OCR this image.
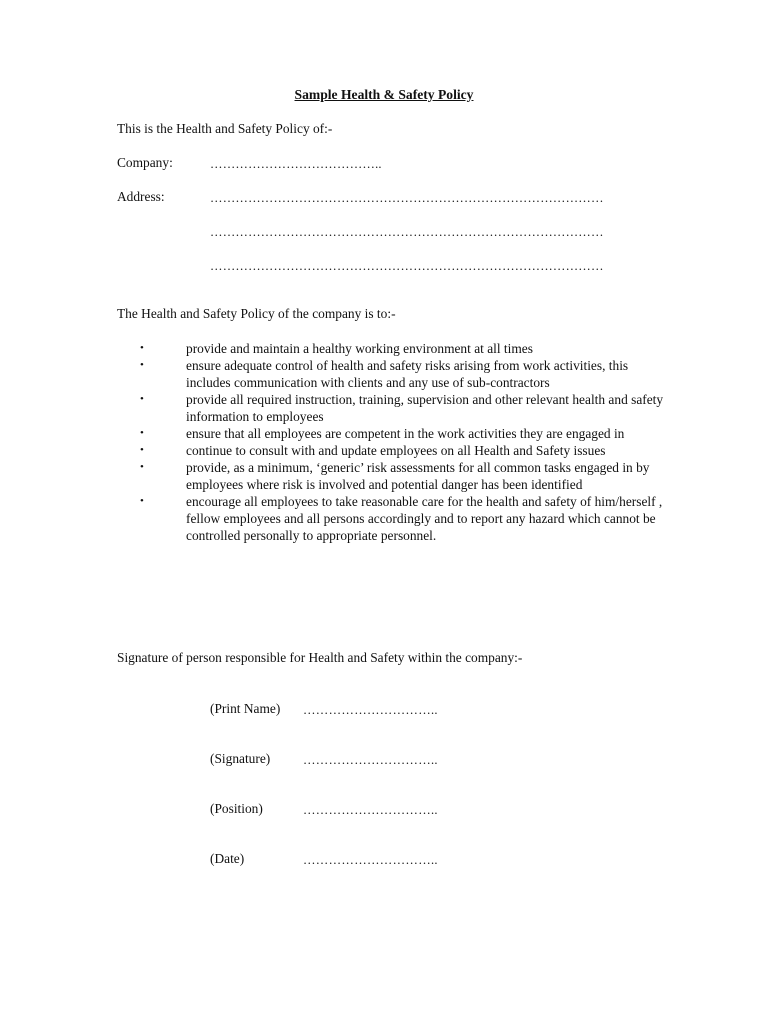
Sample Health & Safety Policy
This is the Health and Safety Policy of:-
Company:	…………………………………..
Address:	…………………………………………………………………………………
…………………………………………………………………………………
…………………………………………………………………………………
The Health and Safety Policy of the company is to:-
•	provide and maintain a healthy working environment at all times
•	ensure adequate control of health and safety risks arising from work activities, this includes communication with clients and any use of sub-contractors
•	provide all required instruction, training, supervision and other relevant health and safety information to employees
•	ensure that all employees are competent in the work activities they are engaged in
•	continue to consult with and update employees on all Health and Safety issues
•	provide, as a minimum, ‘generic’ risk assessments for all common tasks engaged in by employees where risk is involved and potential danger has been identified
•	encourage all employees to take reasonable care for the health and safety of him/herself , fellow employees and all persons accordingly and to report any hazard which cannot be controlled personally to appropriate personnel.
Signature of person responsible for Health and Safety within the company:-
(Print Name) …………………………..
(Signature)	…………………………..
(Position)	…………………………..
(Date)	…………………………..
